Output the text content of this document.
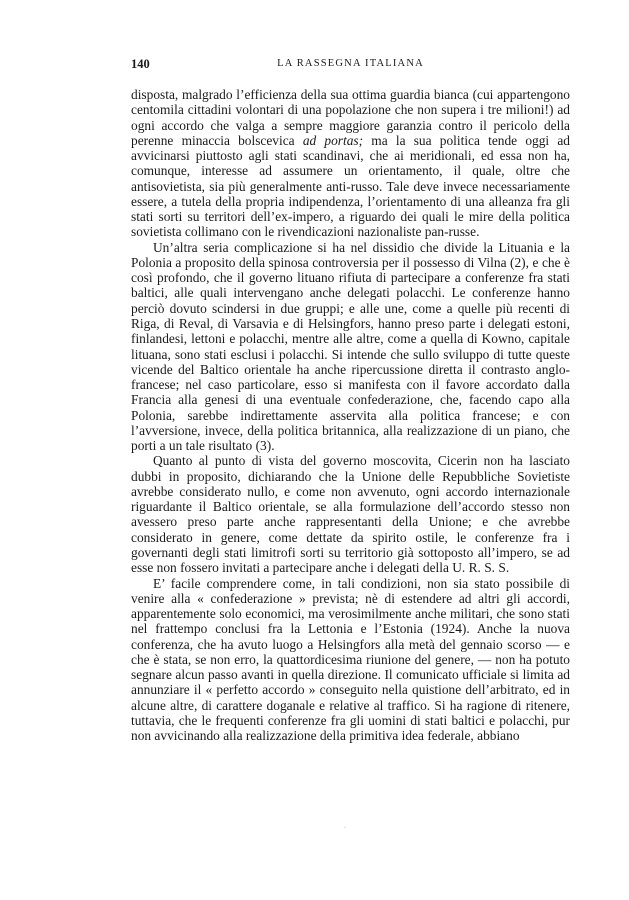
140	LA RASSEGNA ITALIANA

disposta, malgrado l’efficienza della sua ottima guardia bianca (cui appartengono centomila cittadini volontari di una popolazione che non supera i tre milioni!) ad ogni accordo che valga a sempre maggiore garanzia contro il pericolo della perenne minaccia bolscevica ad portas; ma la sua politica tende oggi ad avvicinarsi piuttosto agli stati scandinavi, che ai meridionali, ed essa non ha, comunque, interesse ad assumere un orientamento, il quale, oltre che antisovietista, sia più generalmente anti-russo. Tale deve invece necessariamente essere, a tutela della propria indipendenza, l’orientamento di una alleanza fra gli stati sorti su territori dell’ex-impero, a riguardo dei quali le mire della politica sovietista collimano con le rivendicazioni nazionaliste pan-russe.

Un’altra seria complicazione si ha nel dissidio che divide la Lituania e la Polonia a proposito della spinosa controversia per il possesso di Vilna (2), e che è così profondo, che il governo lituano rifiuta di partecipare a conferenze fra stati baltici, alle quali intervengano anche delegati polacchi. Le conferenze hanno perciò dovuto scindersi in due gruppi; e alle une, come a quelle più recenti di Riga, di Reval, di Varsavia e di Helsingfors, hanno preso parte i delegati estoni, finlandesi, lettoni e polacchi, mentre alle altre, come a quella di Kowno, capitale lituana, sono stati esclusi i polacchi. Si intende che sullo sviluppo di tutte queste vicende del Baltico orientale ha anche ripercussione diretta il contrasto anglo-francese; nel caso particolare, esso si manifesta con il favore accordato dalla Francia alla genesi di una eventuale confederazione, che, facendo capo alla Polonia, sarebbe indirettamente asservita alla politica francese; e con l’avversione, invece, della politica britannica, alla realizzazione di un piano, che porti a un tale risultato (3).

Quanto al punto di vista del governo moscovita, Cicerin non ha lasciato dubbi in proposito, dichiarando che la Unione delle Repubbliche Sovietiste avrebbe considerato nullo, e come non avvenuto, ogni accordo internazionale riguardante il Baltico orientale, se alla formulazione dell’accordo stesso non avessero preso parte anche rappresentanti della Unione; e che avrebbe considerato in genere, come dettate da spirito ostile, le conferenze fra i governanti degli stati limitrofi sorti su territorio già sottoposto all’impero, se ad esse non fossero invitati a partecipare anche i delegati della U. R. S. S.

E’ facile comprendere come, in tali condizioni, non sia stato possibile di venire alla « confederazione » prevista; nè di estendere ad altri gli accordi, apparentemente solo economici, ma verosimilmente anche militari, che sono stati nel frattempo conclusi fra la Lettonia e l’Estonia (1924). Anche la nuova conferenza, che ha avuto luogo a Helsingfors alla metà del gennaio scorso — e che è stata, se non erro, la quattordicesima riunione del genere, — non ha potuto segnare alcun passo avanti in quella direzione. Il comunicato ufficiale si limita ad annunziare il « perfetto accordo » conseguito nella quistione dell’arbitrato, ed in alcune altre, di carattere doganale e relative al traffico. Si ha ragione di ritenere, tuttavia, che le frequenti conferenze fra gli uomini di stati baltici e polacchi, pur non avvicinando alla realizzazione della primitiva idea federale, abbiano

·
